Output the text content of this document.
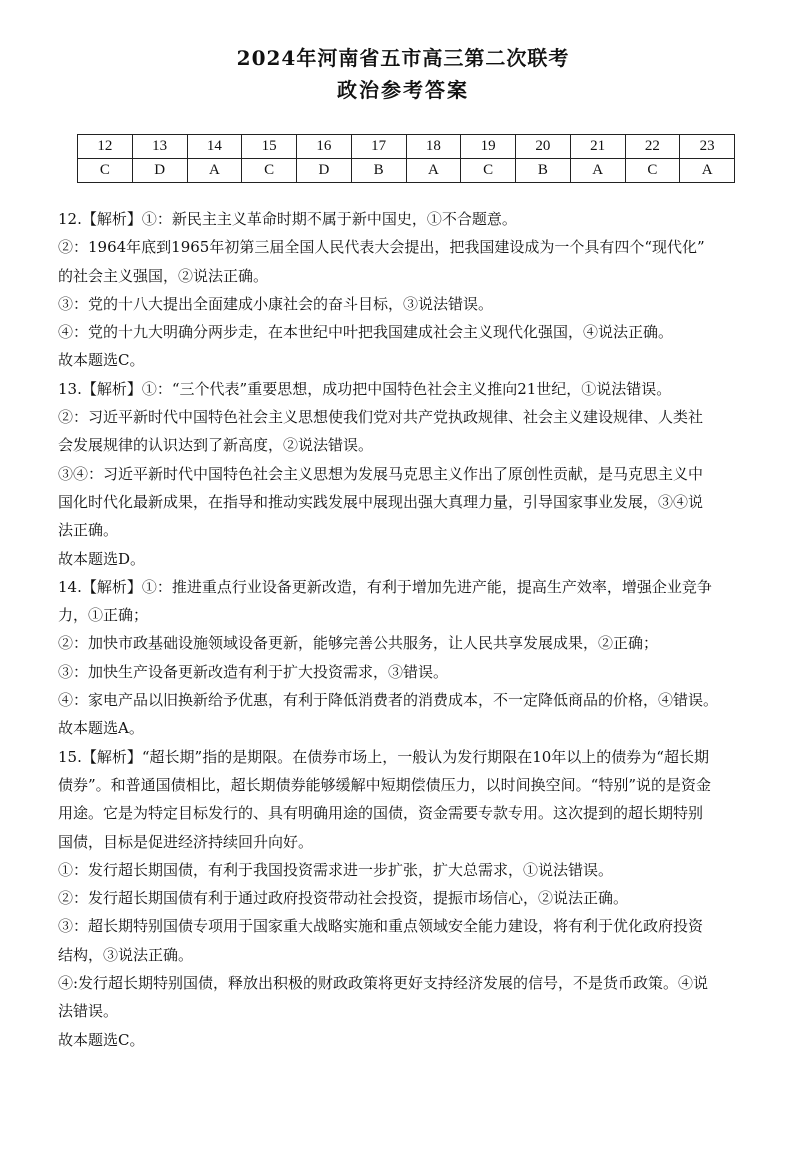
2024年河南省五市高三第二次联考
政治参考答案
12	13	14	15	16	17	18	19	20	21	22	23
C	D	A	C	D	B	A	C	B	A	C	A

12.【解析】①：新民主主义革命时期不属于新中国史，①不合题意。

②：1964年底到1965年初第三届全国人民代表大会提出，把我国建设成为一个具有四个“现代化”

的社会主义强国，②说法正确。

③：党的十八大提出全面建成小康社会的奋斗目标，③说法错误。

④：党的十九大明确分两步走，在本世纪中叶把我国建成社会主义现代化强国，④说法正确。

故本题选C。

13.【解析】①：“三个代表”重要思想，成功把中国特色社会主义推向21世纪，①说法错误。

②：习近平新时代中国特色社会主义思想使我们党对共产党执政规律、社会主义建设规律、人类社

会发展规律的认识达到了新高度，②说法错误。

③④：习近平新时代中国特色社会主义思想为发展马克思主义作出了原创性贡献，是马克思主义中

国化时代化最新成果，在指导和推动实践发展中展现出强大真理力量，引导国家事业发展，③④说

法正确。

故本题选D。

14.【解析】①：推进重点行业设备更新改造，有利于增加先进产能，提高生产效率，增强企业竞争

力，①正确；

②：加快市政基础设施领域设备更新，能够完善公共服务，让人民共享发展成果，②正确；

③：加快生产设备更新改造有利于扩大投资需求，③错误。

④：家电产品以旧换新给予优惠，有利于降低消费者的消费成本，不一定降低商品的价格，④错误。

故本题选A。

15.【解析】“超长期”指的是期限。在债券市场上，一般认为发行期限在10年以上的债券为“超长期

债券”。和普通国债相比，超长期债券能够缓解中短期偿债压力，以时间换空间。“特别”说的是资金

用途。它是为特定目标发行的、具有明确用途的国债，资金需要专款专用。这次提到的超长期特别

国债，目标是促进经济持续回升向好。

①：发行超长期国债，有利于我国投资需求进一步扩张，扩大总需求，①说法错误。

②：发行超长期国债有利于通过政府投资带动社会投资，提振市场信心，②说法正确。

③：超长期特别国债专项用于国家重大战略实施和重点领域安全能力建设，将有利于优化政府投资

结构，③说法正确。

④:发行超长期特别国债，释放出积极的财政政策将更好支持经济发展的信号，不是货币政策。④说

法错误。

故本题选C。
